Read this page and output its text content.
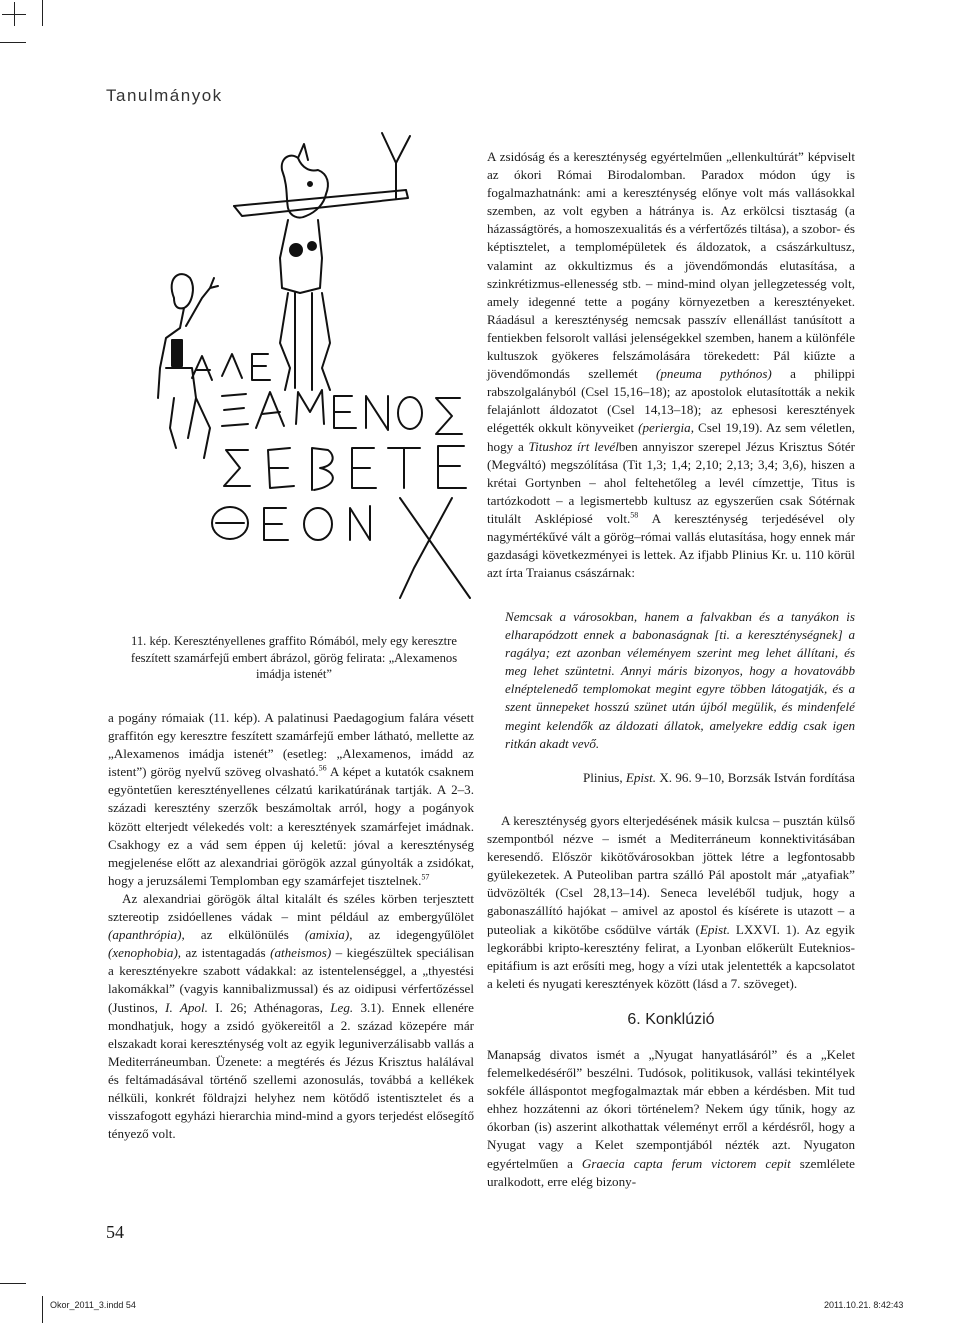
Tanulmányok
11. kép. Keresztényellenes graffito Rómából, mely egy keresztre feszített szamárfejű embert ábrázol, görög felirata: „Alexamenos imádja istenét”

A zsidóság és a kereszténység egyértelműen „ellenkultúrát” képviselt az ókori Római Birodalomban. Paradox módon úgy is fogalmazhatnánk: ami a kereszténység előnye volt más vallásokkal szemben, az volt egyben a hátránya is. Az erkölcsi tisztaság (a házasságtörés, a homoszexualitás és a vérfertőzés tiltása), a szobor- és képtisztelet, a templomépületek és áldozatok, a császárkultusz, valamint az okkultizmus és a jövendőmondás elutasítása, a szinkrétizmus-ellenesség stb. – mind-mind olyan jellegzetesség volt, amely idegenné tette a pogány környezetben a keresztényeket. Ráadásul a kereszténység nemcsak passzív ellenállást tanúsított a fentiekben felsorolt vallási jelenségekkel szemben, hanem a különféle kultuszok gyökeres felszámolására törekedett: Pál kiűzte a jövendőmondás szellemét (pneuma pythónos) a philippi rabszolgalányból (Csel 15,16–18); az apostolok elutasították a nekik felajánlott áldozatot (Csel 14,13–18); az ephesosi keresztények elégették okkult könyveiket (periergia, Csel 19,19). Az sem véletlen, hogy a Titushoz írt levélben annyiszor szerepel Jézus Krisztus Sótér (Megváltó) megszólítása (Tit 1,3; 1,4; 2,10; 2,13; 3,4; 3,6), hiszen a krétai Gortynben – ahol feltehetőleg a levél címzettje, Titus is tartózkodott – a legismertebb kultusz az egyszerűen csak Sótérnak titulált Asklépiosé volt.$^{58}$ A kereszténység terjedésével oly nagymértékűvé vált a görög–római vallás elutasítása, hogy ennek már gazdasági következményei is lettek. Az ifjabb Plinius Kr. u. 110 körül azt írta Traianus császárnak:

Nemcsak a városokban, hanem a falvakban és a tanyákon is elharapódzott ennek a babonaságnak [ti. a kereszténységnek] a ragálya; ezt azonban véleményem szerint meg lehet állítani, és meg lehet szüntetni. Annyi máris bizonyos, hogy a hovatovább elnéptelenedő templomokat megint egyre többen látogatják, és a szent ünnepeket hosszú szünet után újból megülik, és mindenfelé megint kelendők az áldozati állatok, amelyekre eddig csak igen ritkán akadt vevő.
Plinius, Epist. X. 96. 9–10, Borzsák István fordítása

A kereszténység gyors elterjedésének másik kulcsa – pusztán külső szempontból nézve – ismét a Mediterráneum konnektivitásában keresendő. Először kikötővárosokban jöttek létre a legfontosabb gyülekezetek. A Puteoliban partra szálló Pál apostolt már „atyafiak” üdvözölték (Csel 28,13–14). Seneca leveléből tudjuk, hogy a gabonaszállító hajókat – amivel az apostol és kísérete is utazott – a puteoliak a kikötőbe csődülve várták (Epist. LXXVI. 1). Az egyik legkorábbi kripto-keresztény felirat, a Lyonban előkerült Euteknios-epitáfium is azt erősíti meg, hogy a vízi utak jelentették a kapcsolatot a keleti és nyugati keresztények között (lásd a 7. szöveget).

6. Konklúzió

Manapság divatos ismét a „Nyugat hanyatlásáról” és a „Kelet felemelkedéséről” beszélni. Tudósok, politikusok, vallási tekintélyek sokféle álláspontot megfogalmaztak már ebben a kérdésben. Mit tud ehhez hozzátenni az ókori történelem? Nekem úgy tűnik, hogy az ókorban (is) aszerint alkothattak véleményt erről a kérdésről, hogy a Nyugat vagy a Kelet szempontjából nézték azt. Nyugaton egyértelműen a Graecia capta ferum victorem cepit szemlélete uralkodott, erre elég bizony-

a pogány rómaiak (11. kép). A palatinusi Paedagogium falára vésett graffitón egy keresztre feszített szamárfejű ember látható, mellette az „Alexamenos imádja istenét” (esetleg: „Alexamenos, imádd az istent”) görög nyelvű szöveg olvasható.$^{56}$ A képet a kutatók csaknem egyöntetűen keresztényellenes célzatú karikatúrának tartják. A 2–3. századi keresztény szerzők beszámoltak arról, hogy a pogányok között elterjedt vélekedés volt: a keresztények szamárfejet imádnak. Csakhogy ez a vád sem éppen új keletű: jóval a kereszténység megjelenése előtt az alexandriai görögök azzal gúnyolták a zsidókat, hogy a jeruzsálemi Templomban egy szamárfejet tisztelnek.$^{57}$

Az alexandriai görögök által kitalált és széles körben terjesztett sztereotip zsidóellenes vádak – mint például az embergyűlölet (apanthrópia), az elkülönülés (amixia), az idegengyűlölet (xenophobia), az istentagadás (atheismos) – kiegészültek speciálisan a keresztényekre szabott vádakkal: az istentelenséggel, a „thyestési lakomákkal” (vagyis kannibalizmussal) és az oidipusi vérfertőzéssel (Justinos, I. Apol. I. 26; Athénagoras, Leg. 3.1). Ennek ellenére mondhatjuk, hogy a zsidó gyökereitől a 2. század közepére már elszakadt korai kereszténység volt az egyik leguniverzálisabb vallás a Mediterráneumban. Üzenete: a megtérés és Jézus Krisztus halálával és feltámadásával történő szellemi azonosulás, továbbá a kellékek nélküli, konkrét földrajzi helyhez nem kötődő istentisztelet és a visszafogott egyházi hierarchia mind-mind a gyors terjedést elősegítő tényező volt.

54
Okor_2011_3.indd 54	2011.10.21. 8:42:43
